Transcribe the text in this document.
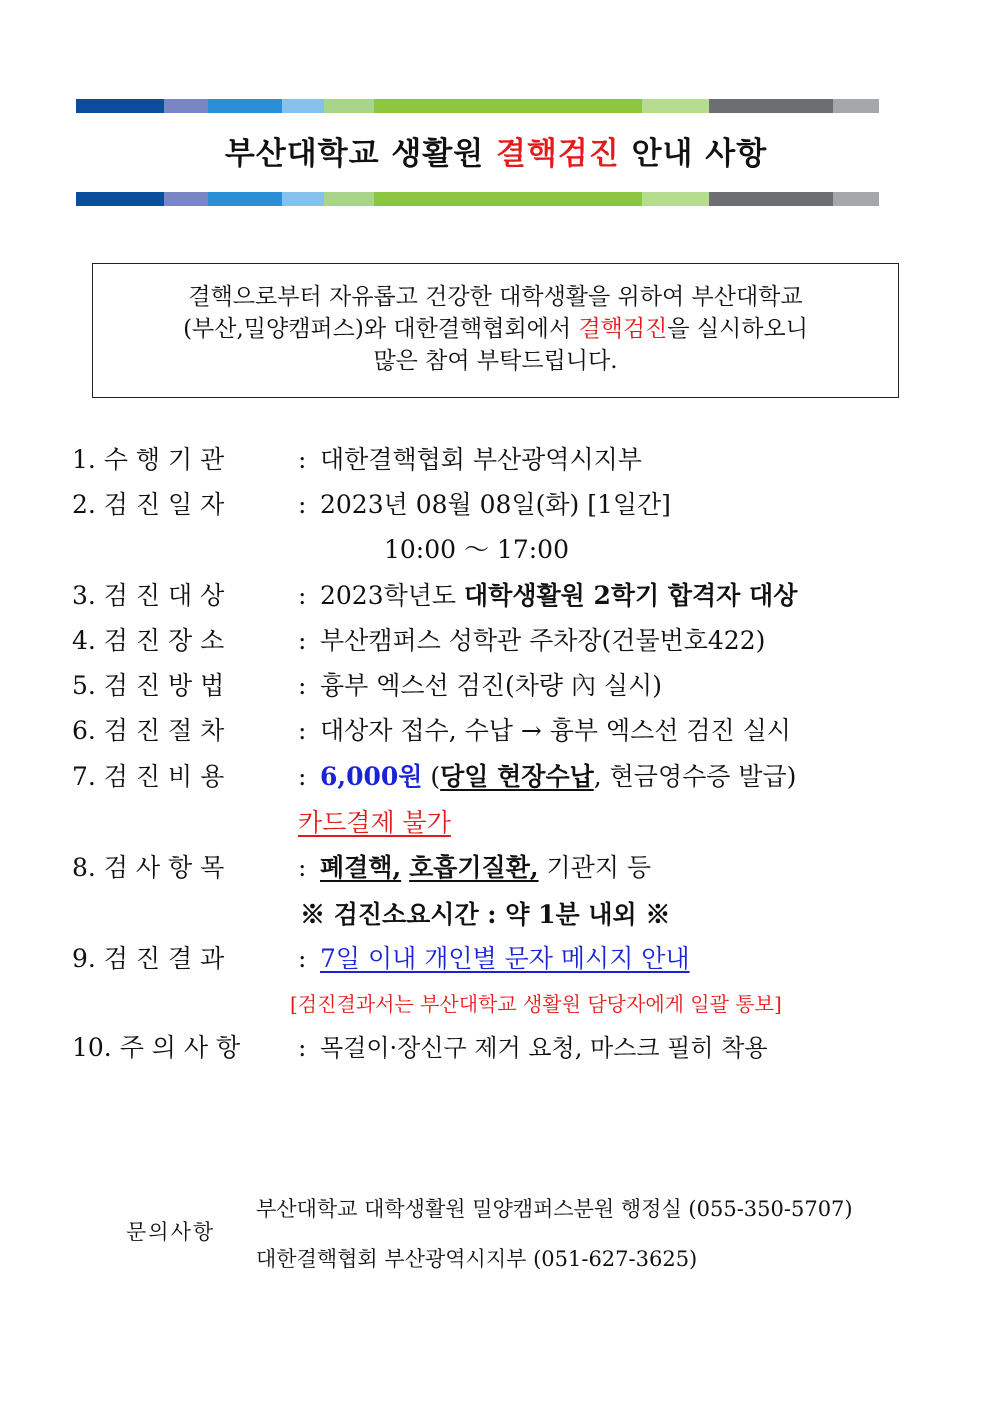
부산대학교 생활원 결핵검진 안내 사항
결핵으로부터 자유롭고 건강한 대학생활을 위하여 부산대학교
(부산,밀양캠퍼스)와 대한결핵협회에서 결핵검진을 실시하오니
많은 참여 부탁드립니다.
1. 수 행 기 관	: 대한결핵협회 부산광역시지부
2. 검 진 일 자	: 2023년 08월 08일(화) [1일간]
10:00 ～ 17:00
3. 검 진 대 상	: 2023학년도 대학생활원 2학기 합격자 대상
4. 검 진 장 소	: 부산캠퍼스 성학관 주차장(건물번호422)
5. 검 진 방 법	: 흉부 엑스선 검진(차량 內 실시)
6. 검 진 절 차	: 대상자 접수, 수납 → 흉부 엑스선 검진 실시
7. 검 진 비 용	: 6,000원 (당일 현장수납, 현금영수증 발급)
카드결제 불가
8. 검 사 항 목	: 폐결핵, 호흡기질환, 기관지 등
※ 검진소요시간 : 약 1분 내외 ※
9. 검 진 결 과	: 7일 이내 개인별 문자 메시지 안내
[검진결과서는 부산대학교 생활원 담당자에게 일괄 통보]
10. 주 의 사 항 : 목걸이·장신구 제거 요청, 마스크 필히 착용
문의사항
부산대학교 대학생활원 밀양캠퍼스분원 행정실 (055-350-5707)
대한결핵협회 부산광역시지부 (051-627-3625)
